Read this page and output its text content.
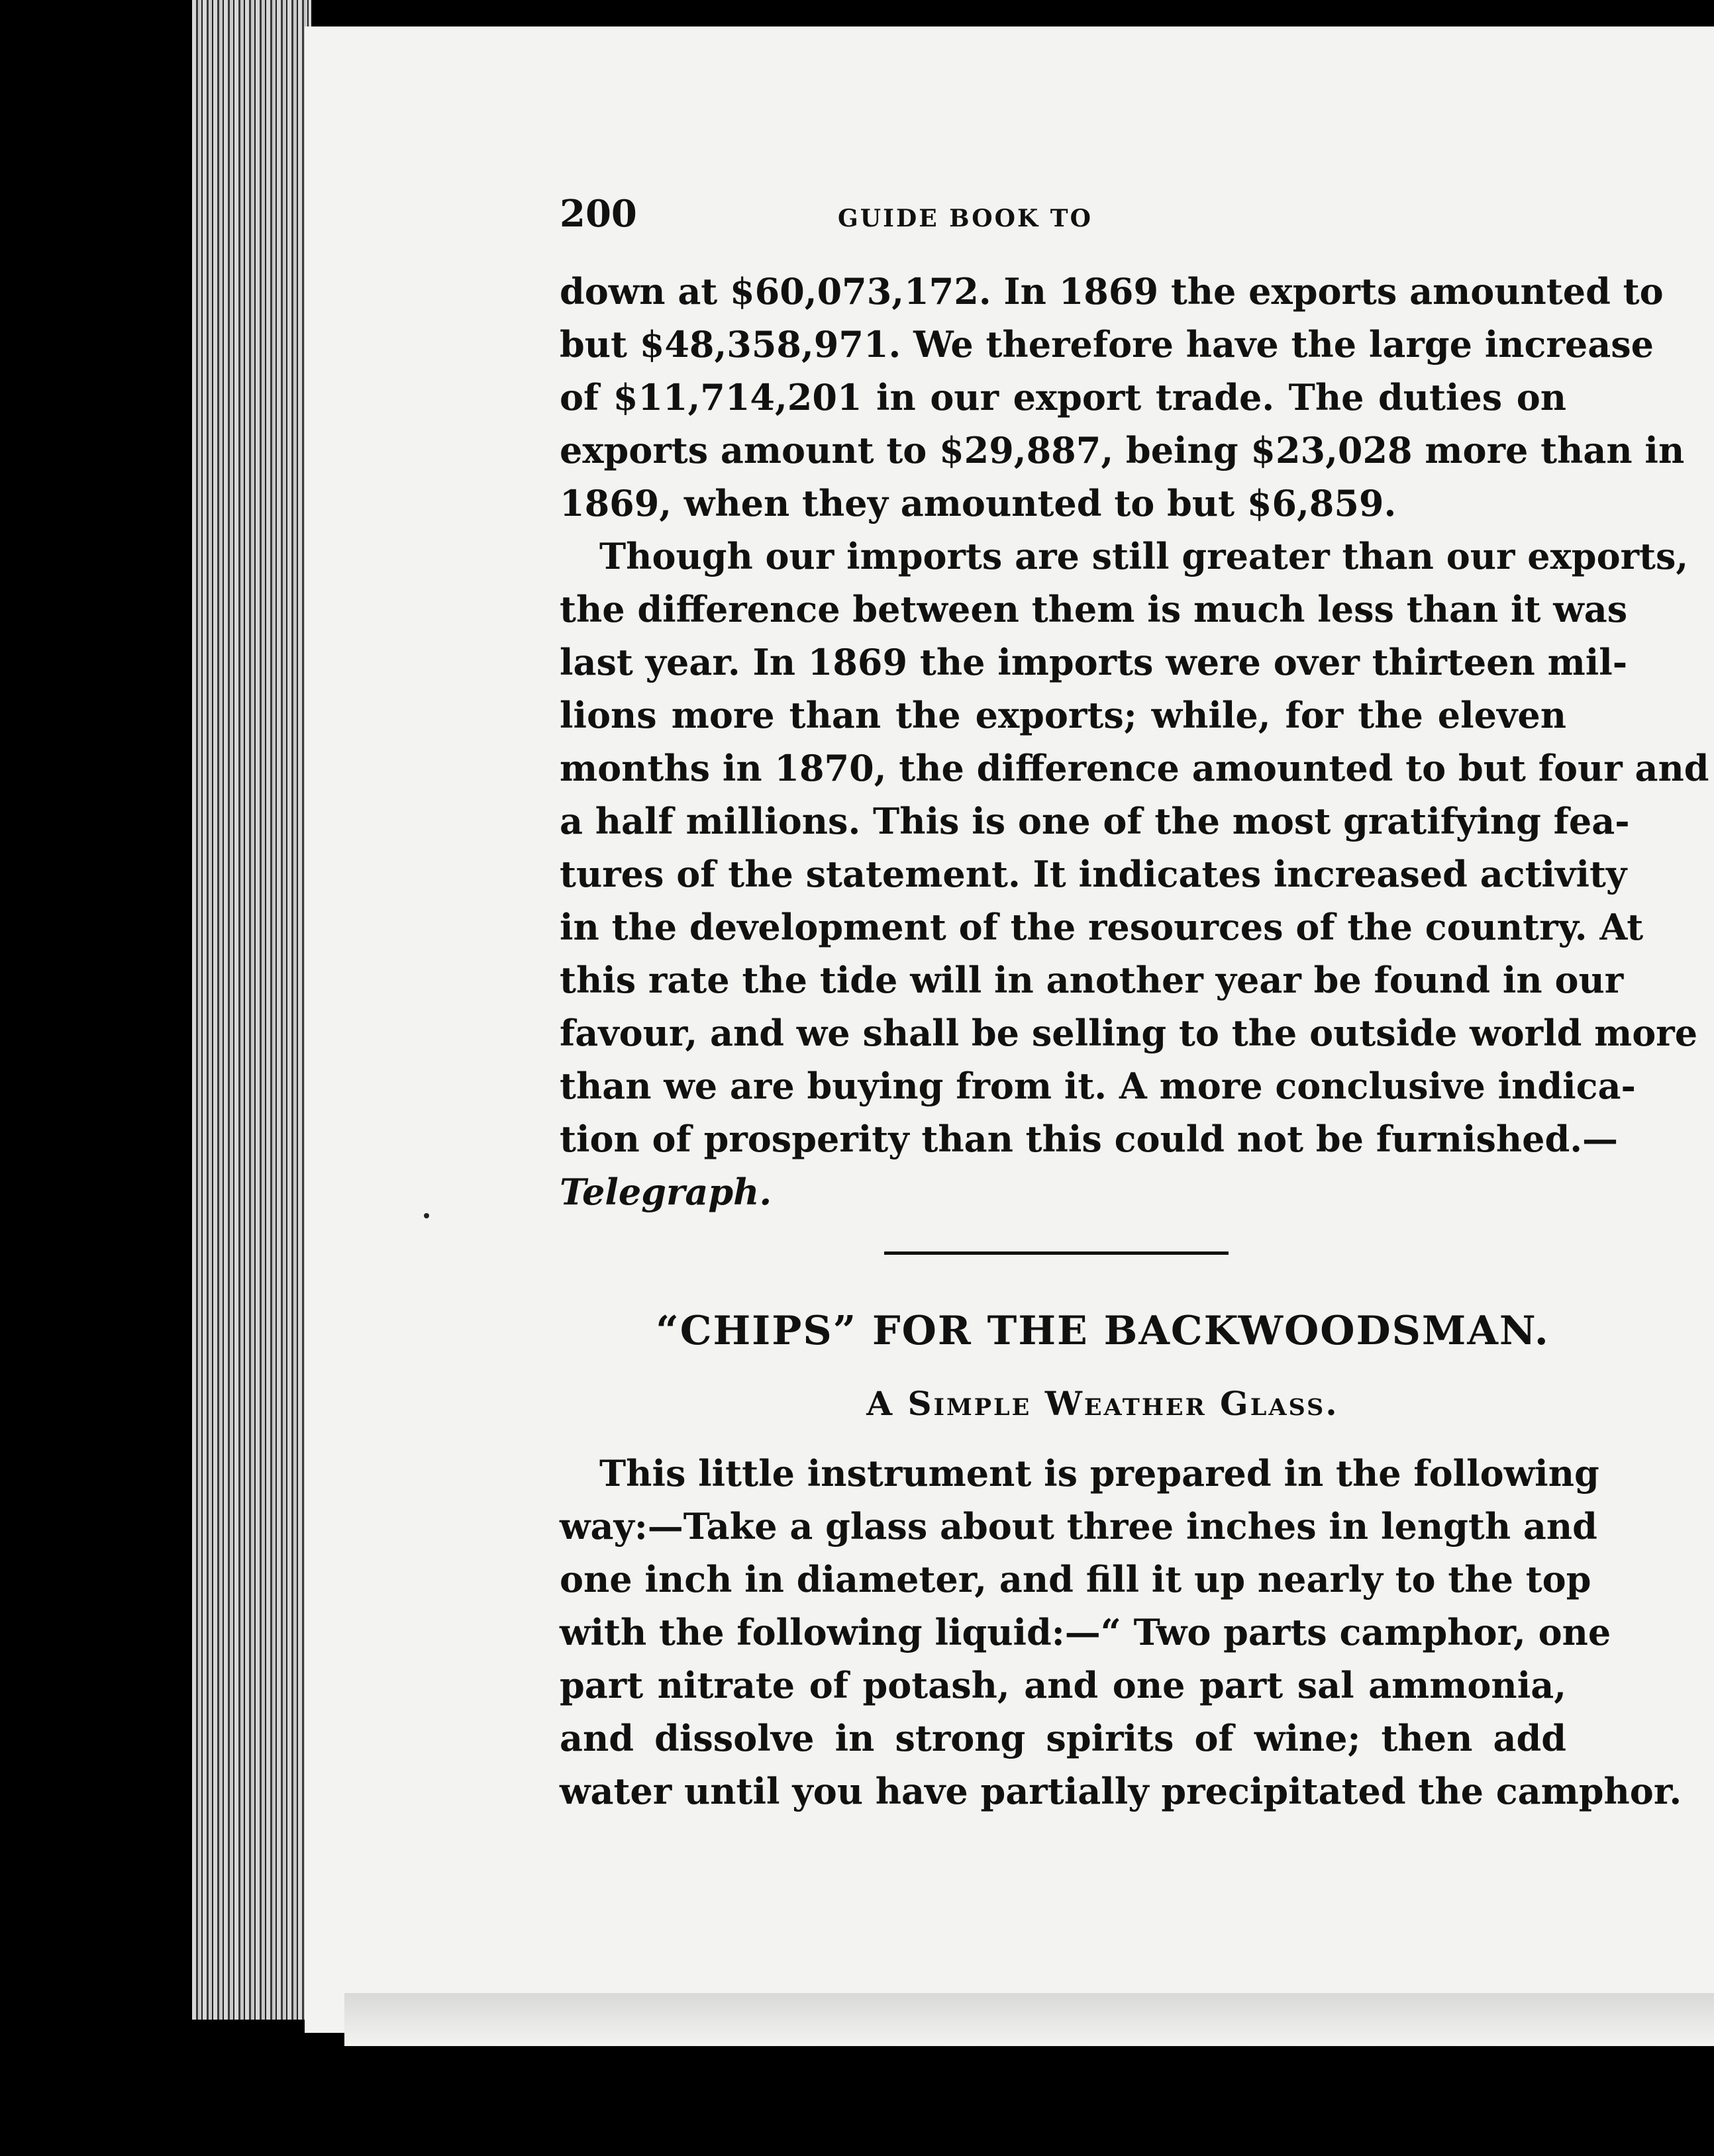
200	GUIDE BOOK TO

down at $60,073,172. In 1869 the exports amounted to
but $48,358,971. We therefore have the large increase
of $11,714,201 in our export trade. The duties on
exports amount to $29,887, being $23,028 more than in
1869, when they amounted to but $6,859.

Though our imports are still greater than our exports,
the difference between them is much less than it was
last year. In 1869 the imports were over thirteen mil-
lions more than the exports; while, for the eleven
months in 1870, the difference amounted to but four and
a half millions. This is one of the most gratifying fea-
tures of the statement. It indicates increased activity
in the development of the resources of the country. At
this rate the tide will in another year be found in our
favour, and we shall be selling to the outside world more
than we are buying from it. A more conclusive indica-
tion of prosperity than this could not be furnished.—

Telegraph.
“CHIPS” FOR THE BACKWOODSMAN.
A Simple Weather Glass.

This little instrument is prepared in the following
way:—Take a glass about three inches in length and
one inch in diameter, and fill it up nearly to the top
with the following liquid:—“ Two parts camphor, one
part nitrate of potash, and one part sal ammonia,
and dissolve in strong spirits of wine; then add
water until you have partially precipitated the camphor.
